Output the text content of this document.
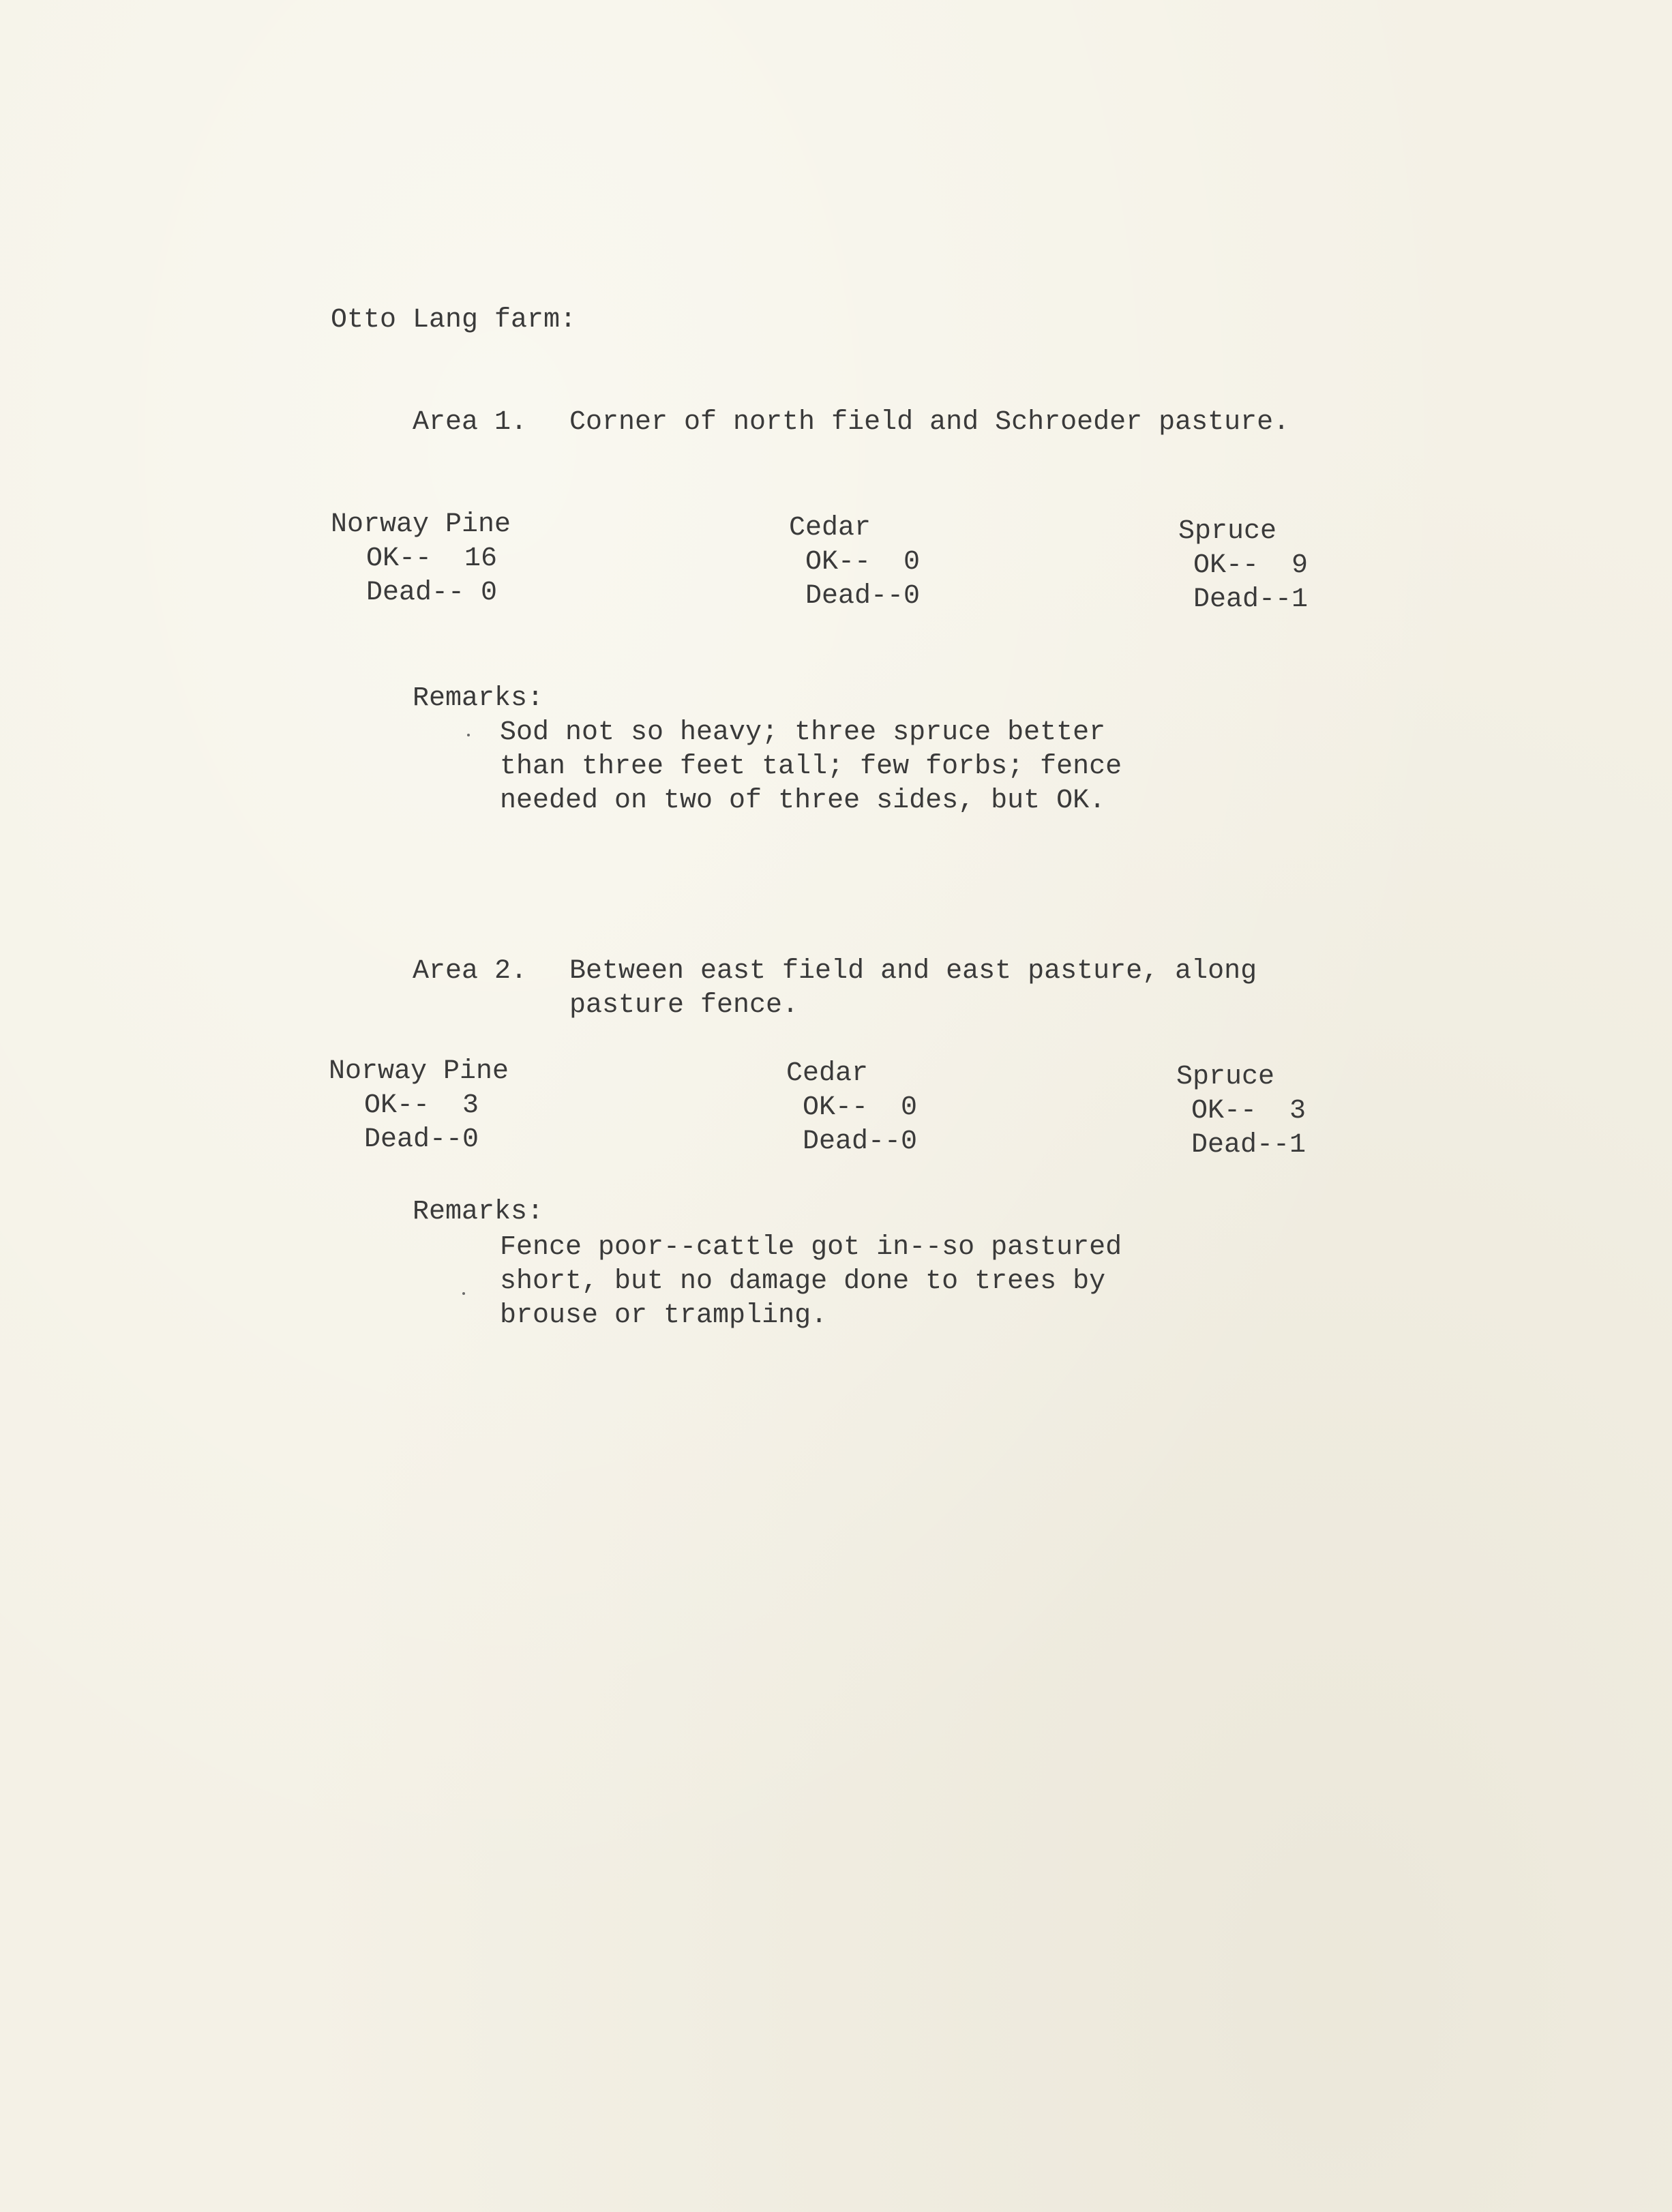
Otto Lang farm:
Area 1. Corner of north field and Schroeder pasture.
Norway Pine
OK--  16
Dead-- 0
Cedar
OK--  0
Dead--0
Spruce
OK--  9
Dead--1
Remarks:
Sod not so heavy; three spruce better
than three feet tall; few forbs; fence
needed on two of three sides, but OK.
Area 2. Between east field and east pasture, along
pasture fence.
Norway Pine
OK--  3
Dead--0
Cedar
OK--  0
Dead--0
Spruce
OK--  3
Dead--1
Remarks:
Fence poor--cattle got in--so pastured
short, but no damage done to trees by
brouse or trampling.
